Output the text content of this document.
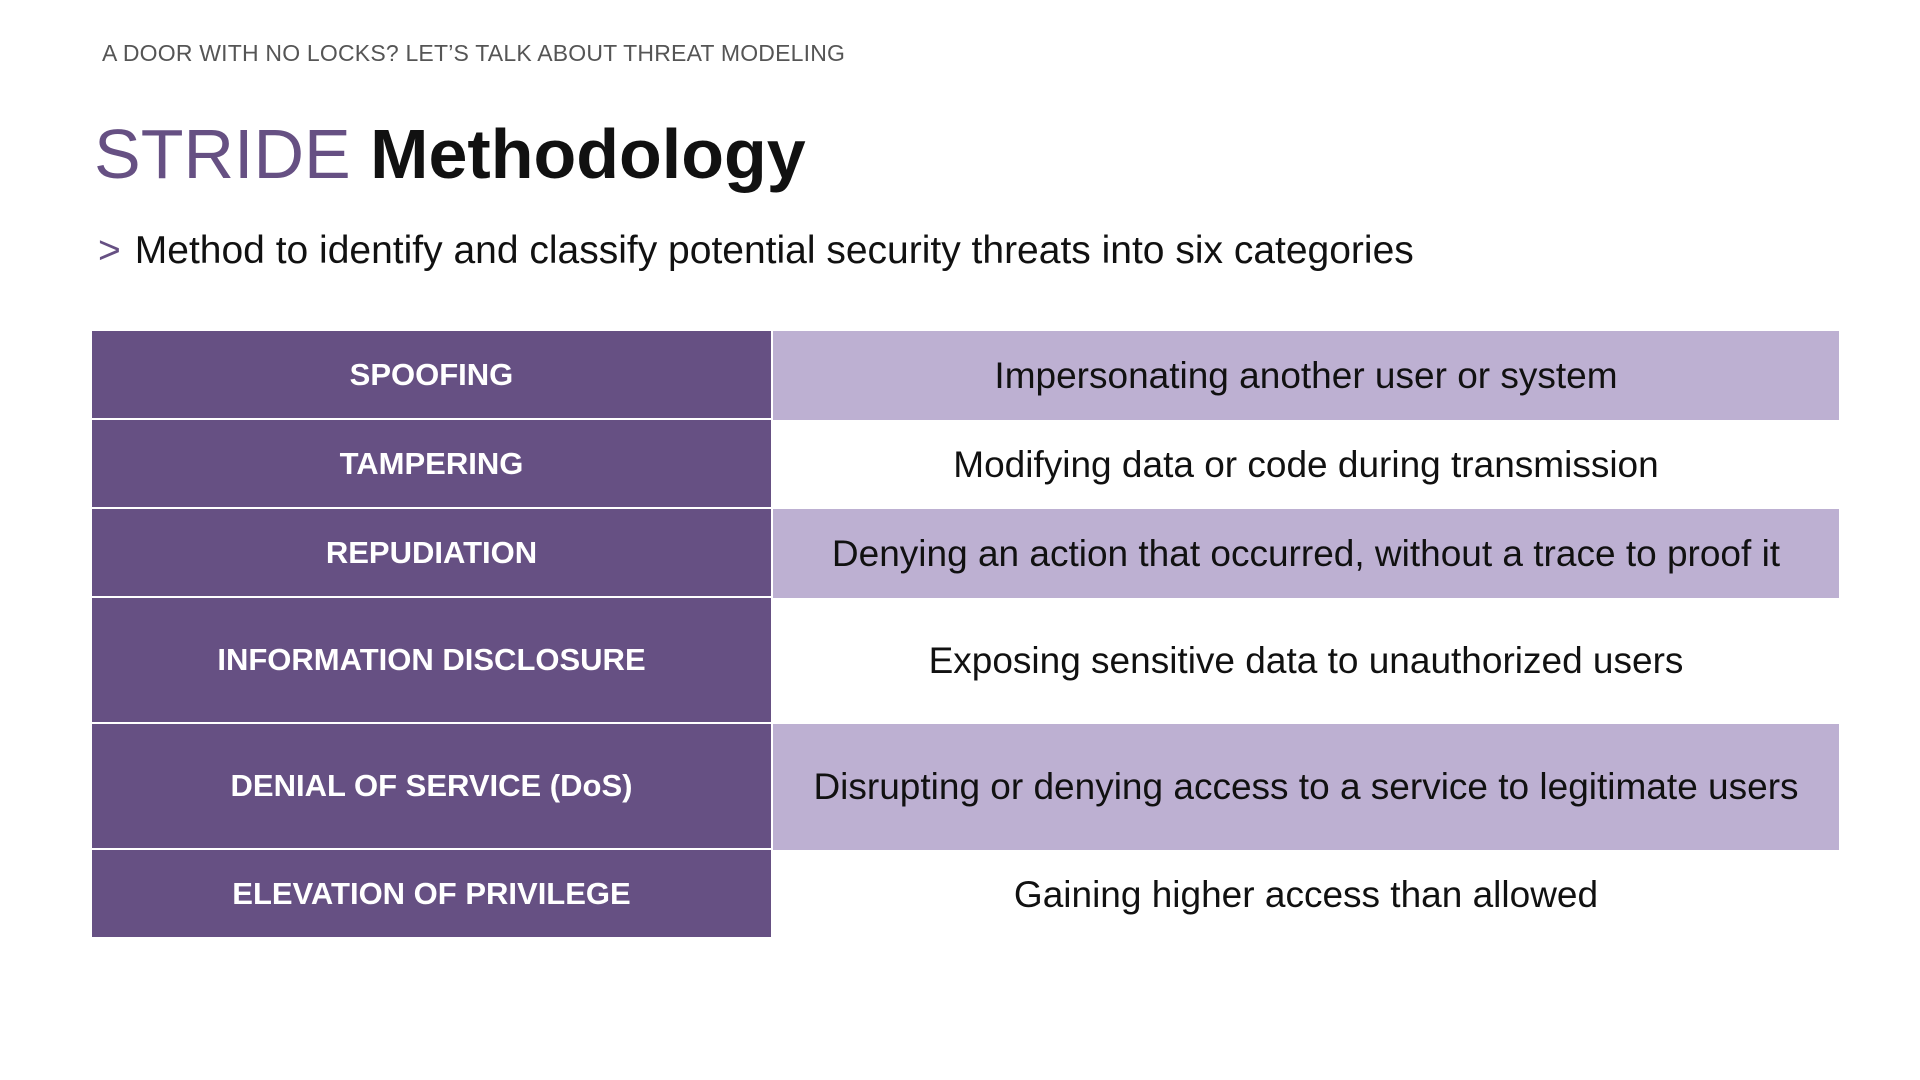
A DOOR WITH NO LOCKS? LET’S TALK ABOUT THREAT MODELING
STRIDE Methodology
> Method to identify and classify potential security threats into six categories
SPOOFING	Impersonating another user or system
TAMPERING	Modifying data or code during transmission
REPUDIATION	Denying an action that occurred, without a trace to proof it
INFORMATION DISCLOSURE	Exposing sensitive data to unauthorized users
DENIAL OF SERVICE (DoS)	Disrupting or denying access to a service to legitimate users
ELEVATION OF PRIVILEGE	Gaining higher access than allowed
